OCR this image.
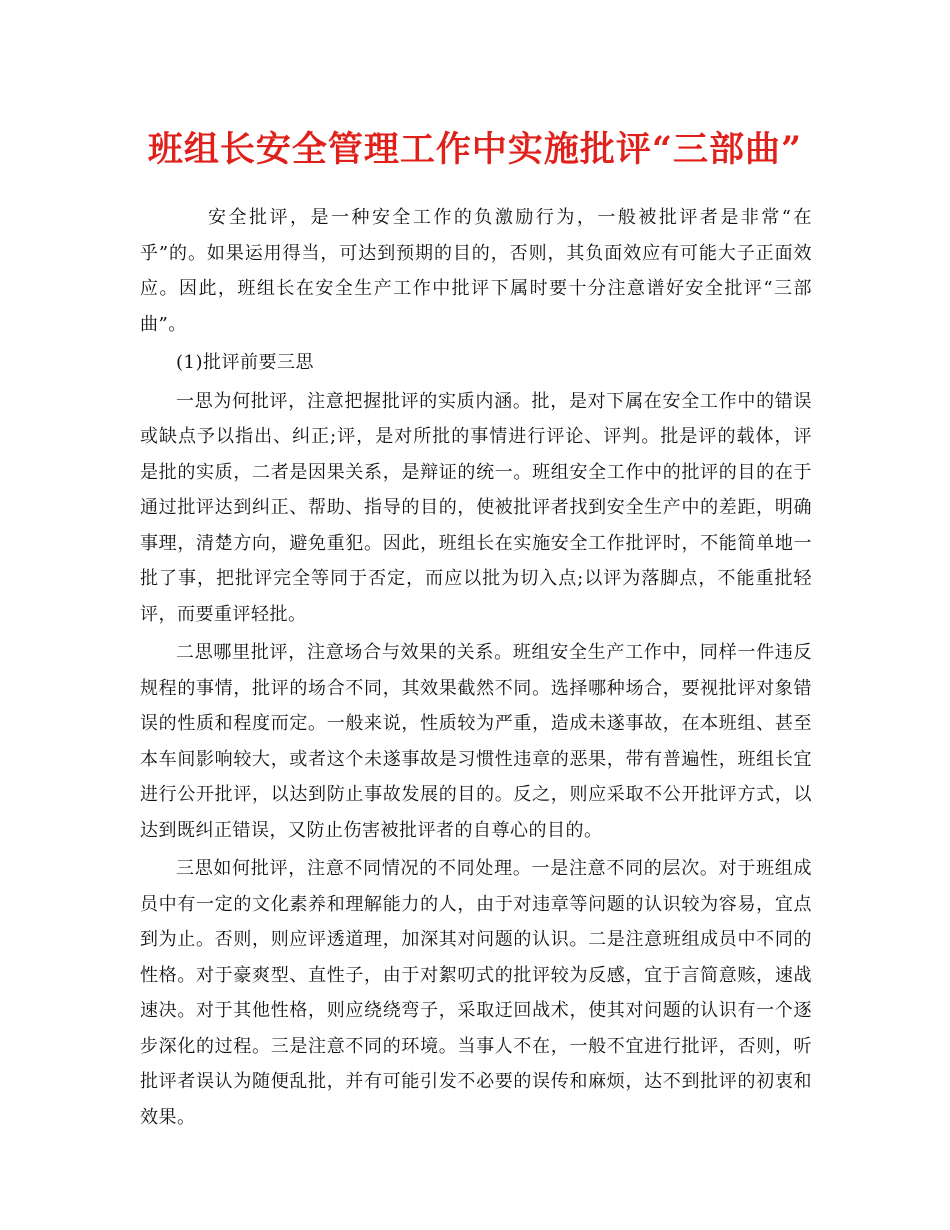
班组长安全管理工作中实施批评“三部曲”

安全批评，是一种安全工作的负激励行为，一般被批评者是非常“在乎”的。如果运用得当，可达到预期的目的，否则，其负面效应有可能大子正面效应。因此，班组长在安全生产工作中批评下属时要十分注意谱好安全批评“三部曲”。

(1)批评前要三思

一思为何批评，注意把握批评的实质内涵。批，是对下属在安全工作中的错误或缺点予以指出、纠正;评，是对所批的事情进行评论、评判。批是评的载体，评是批的实质，二者是因果关系，是辩证的统一。班组安全工作中的批评的目的在于通过批评达到纠正、帮助、指导的目的，使被批评者找到安全生产中的差距，明确事理，清楚方向，避免重犯。因此，班组长在实施安全工作批评时，不能简单地一批了事，把批评完全等同于否定，而应以批为切入点;以评为落脚点，不能重批轻评，而要重评轻批。

二思哪里批评，注意场合与效果的关系。班组安全生产工作中，同样一件违反规程的事情，批评的场合不同，其效果截然不同。选择哪种场合，要视批评对象错误的性质和程度而定。一般来说，性质较为严重，造成未遂事故，在本班组、甚至本车间影响较大，或者这个未遂事故是习惯性违章的恶果，带有普遍性，班组长宜进行公开批评，以达到防止事故发展的目的。反之，则应采取不公开批评方式，以达到既纠正错误，又防止伤害被批评者的自尊心的目的。

三思如何批评，注意不同情况的不同处理。一是注意不同的层次。对于班组成员中有一定的文化素养和理解能力的人，由于对违章等问题的认识较为容易，宜点到为止。否则，则应评透道理，加深其对问题的认识。二是注意班组成员中不同的性格。对于豪爽型、直性子，由于对絮叨式的批评较为反感，宜于言简意赅，速战速决。对于其他性格，则应绕绕弯子，采取迂回战术，使其对问题的认识有一个逐步深化的过程。三是注意不同的环境。当事人不在，一般不宜进行批评，否则，听批评者误认为随便乱批，并有可能引发不必要的误传和麻烦，达不到批评的初衷和效果。
